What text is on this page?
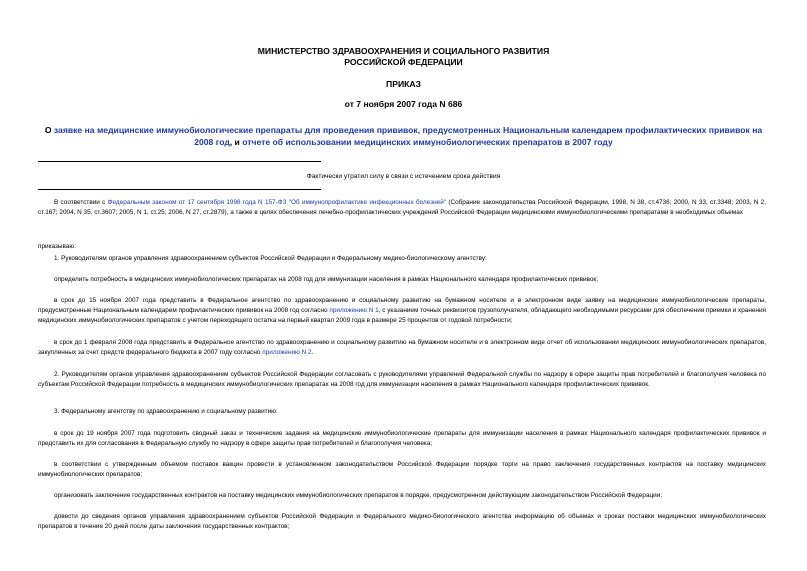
МИНИСТЕРСТВО ЗДРАВООХРАНЕНИЯ И СОЦИАЛЬНОГО РАЗВИТИЯ
РОССИЙСКОЙ ФЕДЕРАЦИИ
ПРИКАЗ
от 7 ноября 2007 года N 686
О заявке на медицинские иммунобиологические препараты для проведения прививок, предусмотренных Национальным календарем профилактических прививок на 2008 год, и отчете об использовании медицинских иммунобиологических препаратов в 2007 году
Фактически утратил силу в связи с истечением срока действия
В соответствии с Федеральным законом от 17 сентября 1998 года N 157-ФЗ "Об иммунопрофилактике инфекционных болезней" (Собрание законодательства Российской Федерации, 1998, N 38, ст.4736; 2000, N 33, ст.3348; 2003, N 2, ст.167; 2004, N 35, ст.3607; 2005, N 1, ст.25; 2006, N 27, ст.2879), а также в целях обеспечения лечебно-профилактических учреждений Российской Федерации медицинскими иммунобиологическими препаратами в необходимых объемах
приказываю:
1. Руководителям органов управления здравоохранением субъектов Российской Федерации и Федеральному медико-биологическому агентству:
определить потребность в медицинских иммунобиологических препаратах на 2008 год для иммунизации населения в рамках Национального календаря профилактических прививок;
в срок до 15 ноября 2007 года представить в Федеральное агентство по здравоохранению и социальному развитию на бумажном носителе и в электронном виде заявку на медицинские иммунобиологические препараты, предусмотренные Национальным календарем профилактических прививок на 2008 год согласно приложению N 1, с указанием точных реквизитов грузополучателя, обладающего необходимыми ресурсами для обеспечения приемки и хранения медицинских иммунобиологических препаратов с учетом переходящего остатка на первый квартал 2009 года в размере 25 процентов от годовой потребности;
в срок до 1 февраля 2008 года представить в Федеральное агентство по здравоохранению и социальному развитию на бумажном носителе и в электронном виде отчет об использовании медицинских иммунобиологических препаратов, закупленных за счет средств федерального бюджета в 2007 году согласно приложению N 2.
2. Руководителям органов управления здравоохранением субъектов Российской Федерации согласовать с руководителями управлений Федеральной службы по надзору в сфере защиты прав потребителей и благополучия человека по субъектам Российской Федерации потребность в медицинских иммунобиологических препаратах на 2008 год для иммунизации населения в рамках Национального календаря профилактических прививок.
3. Федеральному агентству по здравоохранению и социальному развитию:
в срок до 19 ноября 2007 года подготовить сводный заказ и технические задания на медицинские иммунобиологические препараты для иммунизации населения в рамках Национального календаря профилактических прививок и представить их для согласования в Федеральную службу по надзору в сфере защиты прав потребителей и благополучия человека;
в соответствии с утвержденным объемом поставок вакцин провести в установленном законодательством Российской Федерации порядке торги на право заключения государственных контрактов на поставку медицинских иммунобиологических препаратов;
организовать заключение государственных контрактов на поставку медицинских иммунобиологических препаратов в порядке, предусмотренном действующим законодательством Российской Федерации;
довести до сведения органов управления здравоохранением субъектов Российской Федерации и Федерального медико-биологического агентства информацию об объемах и сроках поставки медицинских иммунобиологических препаратов в течение 20 дней после даты заключения государственных контрактов;
